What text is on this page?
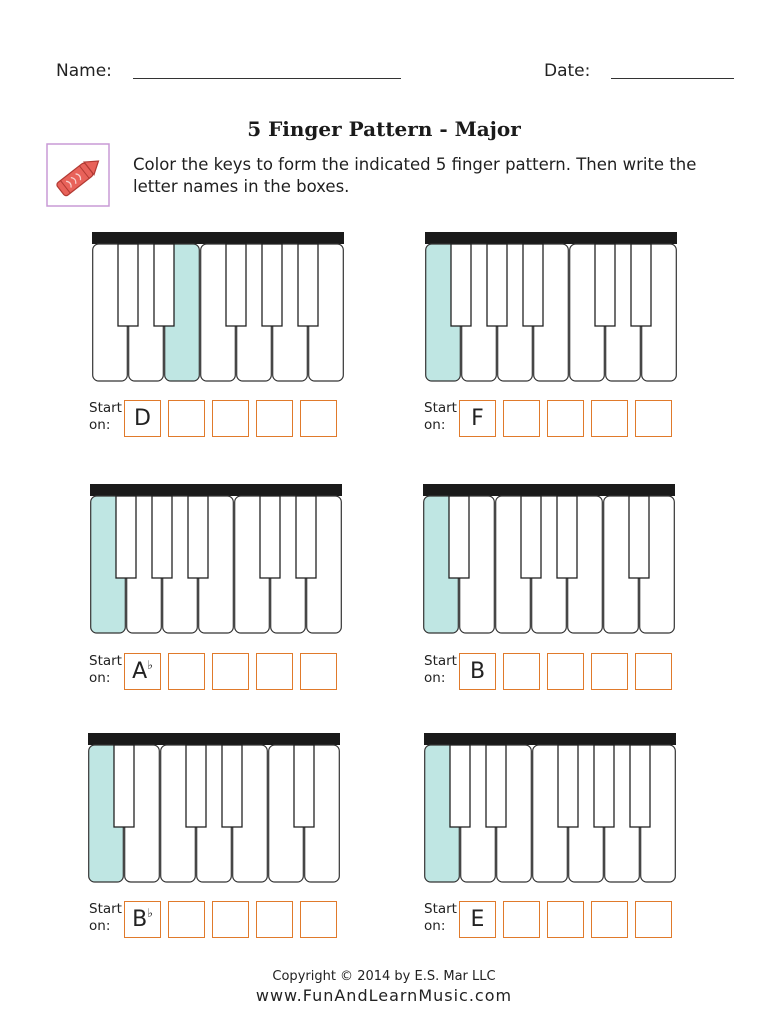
Name:	Date:
5 Finger Pattern - Major
Color the keys to form the indicated 5 finger pattern. Then write the letter names in the boxes.
Start
on:	D	Start
on:	F
Start
on: A ♭	Start
on:	B
Start
on: B ♭	Start
on:	E
Copyright © 2014 by E.S. Mar LLC
www.FunAndLearnMusic.com
